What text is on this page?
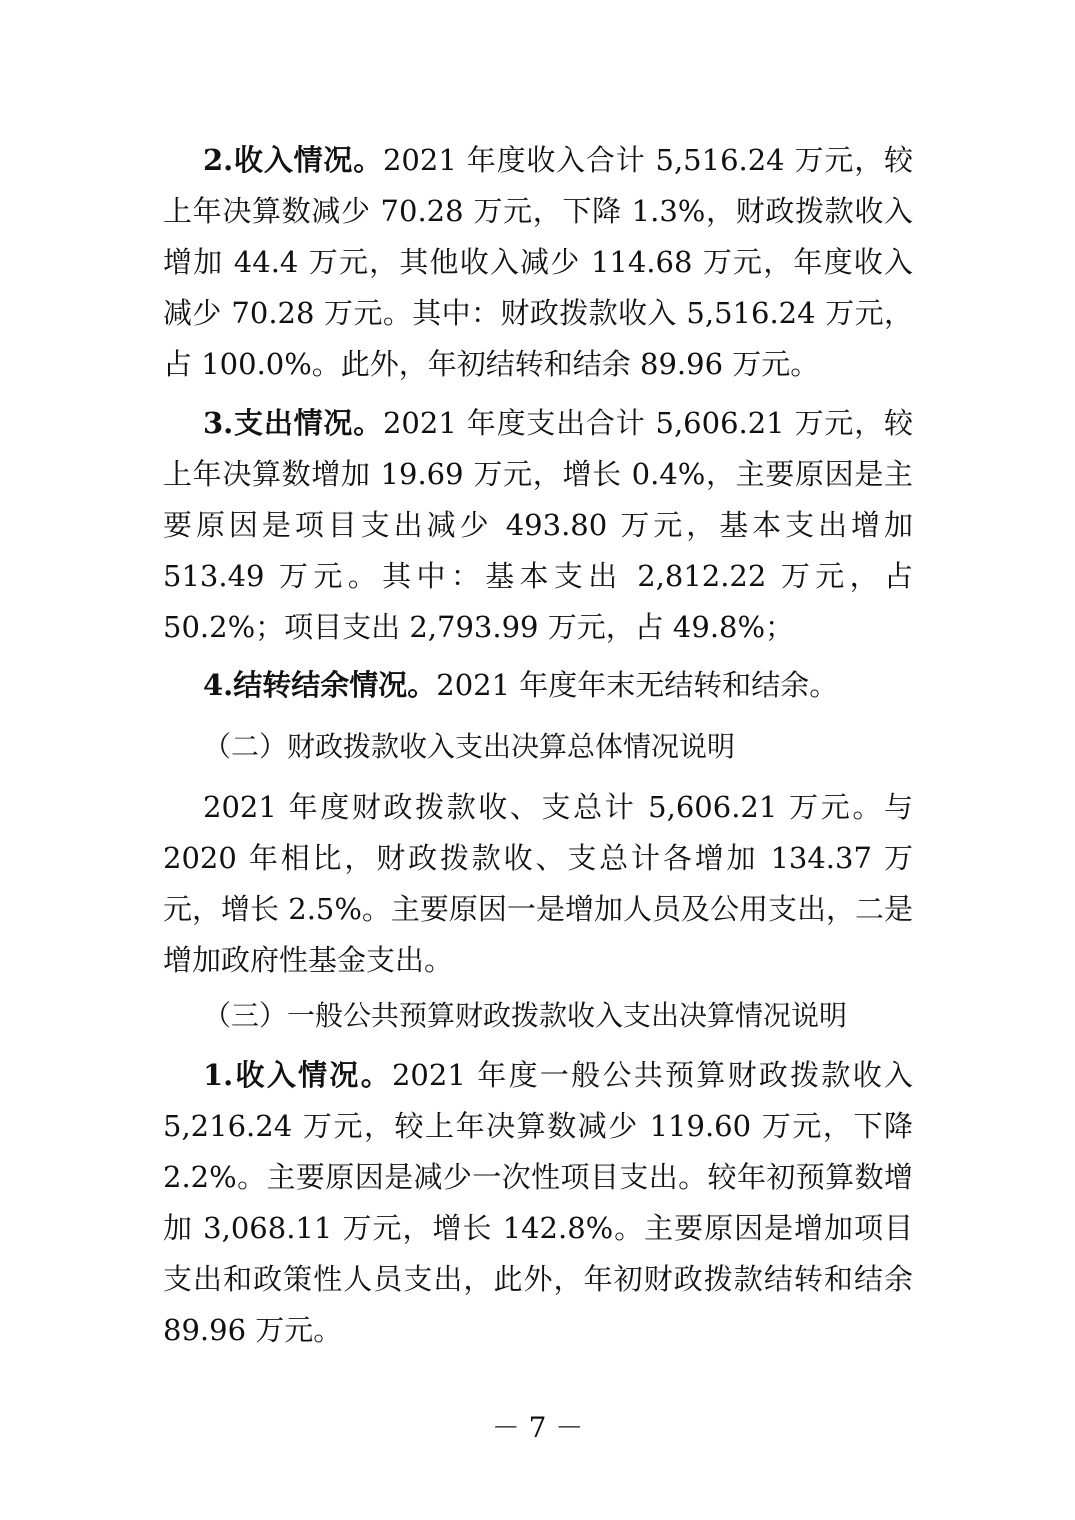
2.收入情况。2021 年度收入合计 5,516.24 万元，较上年决算数减少 70.28 万元，下降 1.3%，财政拨款收入增加 44.4 万元，其他收入减少 114.68 万元，年度收入减少 70.28 万元。其中：财政拨款收入 5,516.24 万元，占 100.0%。此外，年初结转和结余 89.96 万元。

3.支出情况。2021 年度支出合计 5,606.21 万元，较上年决算数增加 19.69 万元，增长 0.4%，主要原因是主要原因是项目支出减少 493.80 万元，基本支出增加 513.49 万元。其中：基本支出 2,812.22 万元，占 50.2%；项目支出 2,793.99 万元，占 49.8%；

4.结转结余情况。2021 年度年末无结转和结余。

（二）财政拨款收入支出决算总体情况说明

2021 年度财政拨款收、支总计 5,606.21 万元。与 2020 年相比，财政拨款收、支总计各增加 134.37 万元，增长 2.5%。主要原因一是增加人员及公用支出，二是增加政府性基金支出。

（三）一般公共预算财政拨款收入支出决算情况说明

1.收入情况。2021 年度一般公共预算财政拨款收入 5,216.24 万元，较上年决算数减少 119.60 万元，下降 2.2%。主要原因是减少一次性项目支出。较年初预算数增加 3,068.11 万元，增长 142.8%。主要原因是增加项目支出和政策性人员支出，此外，年初财政拨款结转和结余 89.96 万元。

－ 7 －
